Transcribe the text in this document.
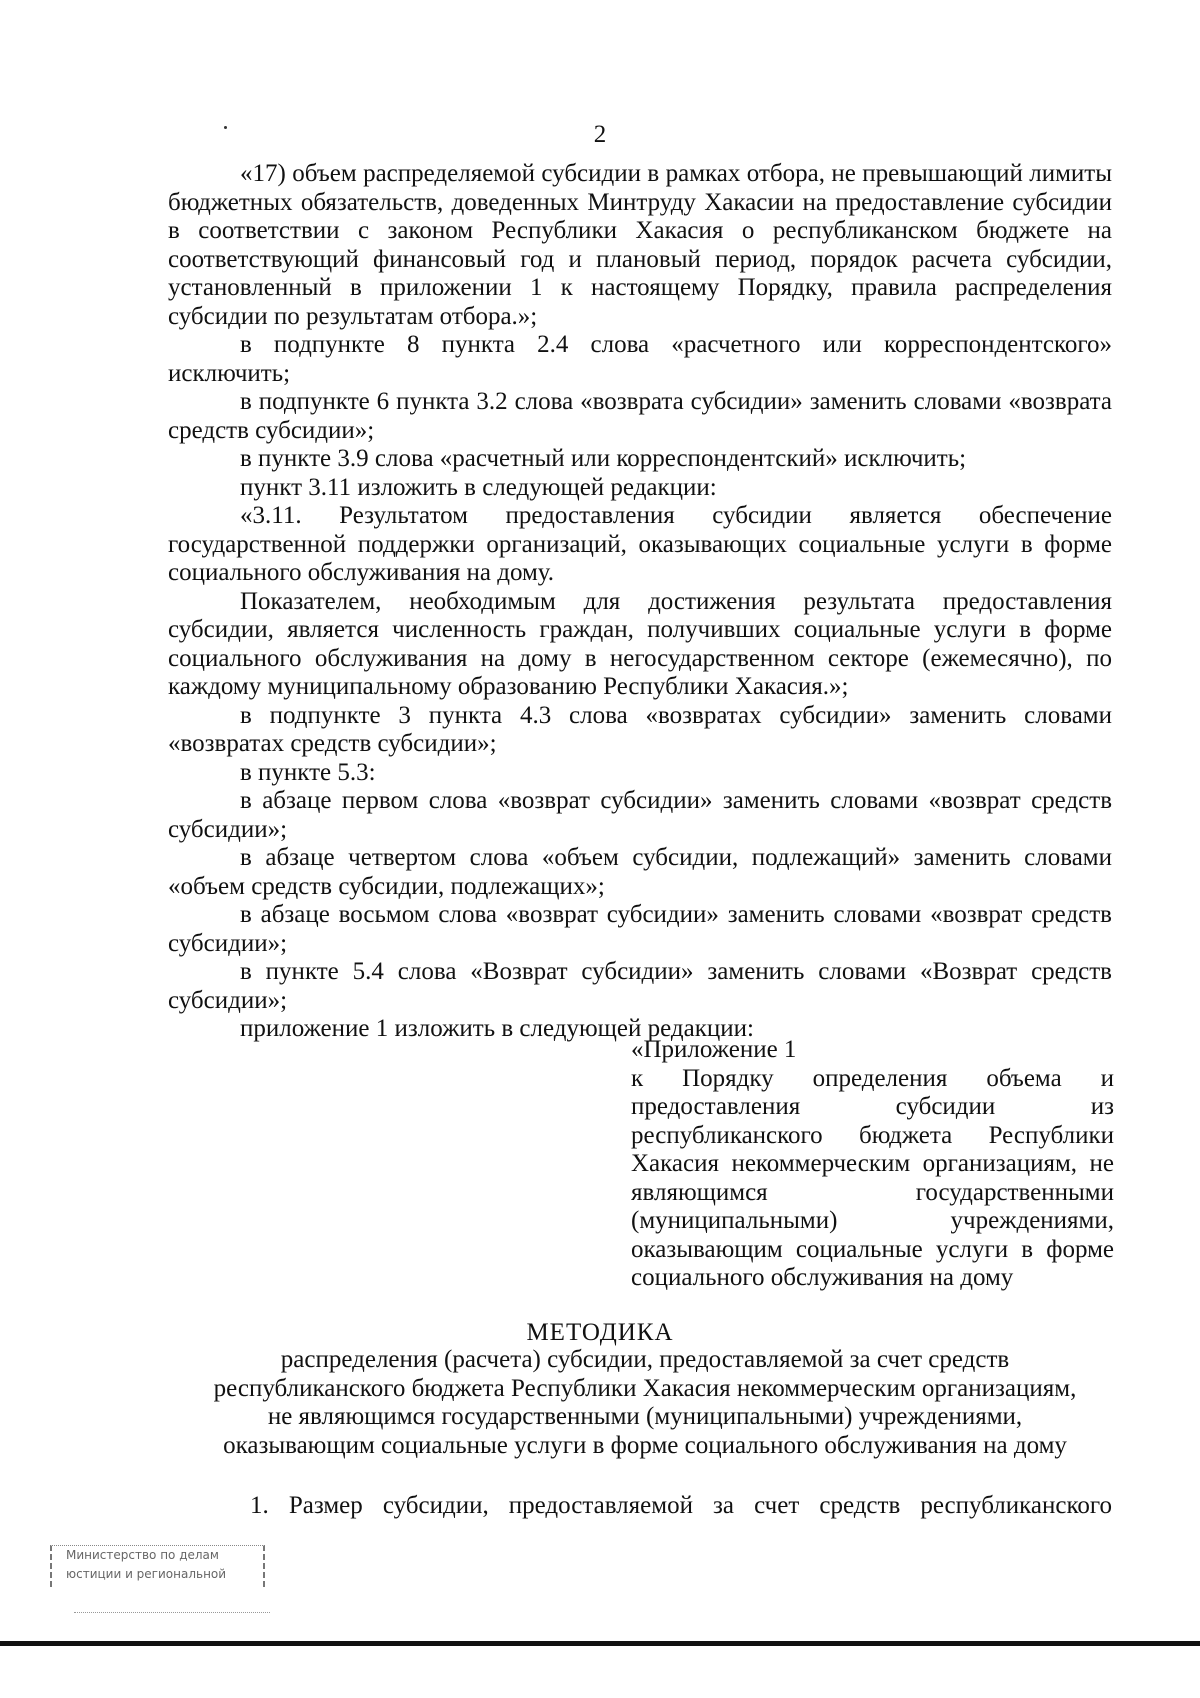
2

«17) объем распределяемой субсидии в рамках отбора, не превышающий лимиты бюджетных обязательств, доведенных Минтруду Хакасии на предоставление субсидии в соответствии с законом Республики Хакасия о республиканском бюджете на соответствующий финансовый год и плановый период, порядок расчета субсидии, установленный в приложении 1 к настоящему Порядку, правила распределения субсидии по результатам отбора.»;

в подпункте 8 пункта 2.4 слова «расчетного или корреспондентского» исключить;

в подпункте 6 пункта 3.2 слова «возврата субсидии» заменить словами «возврата средств субсидии»;

в пункте 3.9 слова «расчетный или корреспондентский» исключить;

пункт 3.11 изложить в следующей редакции:

«3.11. Результатом предоставления субсидии является обеспечение государственной поддержки организаций, оказывающих социальные услуги в форме социального обслуживания на дому.

Показателем, необходимым для достижения результата предоставления субсидии, является численность граждан, получивших социальные услуги в форме социального обслуживания на дому в негосударственном секторе (ежемесячно), по каждому муниципальному образованию Республики Хакасия.»;

в подпункте 3 пункта 4.3 слова «возвратах субсидии» заменить словами «возвратах средств субсидии»;

в пункте 5.3:

в абзаце первом слова «возврат субсидии» заменить словами «возврат средств субсидии»;

в абзаце четвертом слова «объем субсидии, подлежащий» заменить словами «объем средств субсидии, подлежащих»;

в абзаце восьмом слова «возврат субсидии» заменить словами «возврат средств субсидии»;

в пункте 5.4 слова «Возврат субсидии» заменить словами «Возврат средств субсидии»;

приложение 1 изложить в следующей редакции:

«Приложение 1

к Порядку определения объема и предоставления субсидии из республиканского бюджета Республики Хакасия некоммерческим организациям, не являющимся государственными (муниципальными) учреждениями, оказывающим социальные услуги в форме социального обслуживания на дому

МЕТОДИКА
распределения (расчета) субсидии, предоставляемой за счет средств
республиканского бюджета Республики Хакасия некоммерческим организациям,
не являющимся государственными (муниципальными) учреждениями,
оказывающим социальные услуги в форме социального обслуживания на дому
1. Размер субсидии, предоставляемой за счет средств республиканского
Министерство по делам
юстиции и региональной
